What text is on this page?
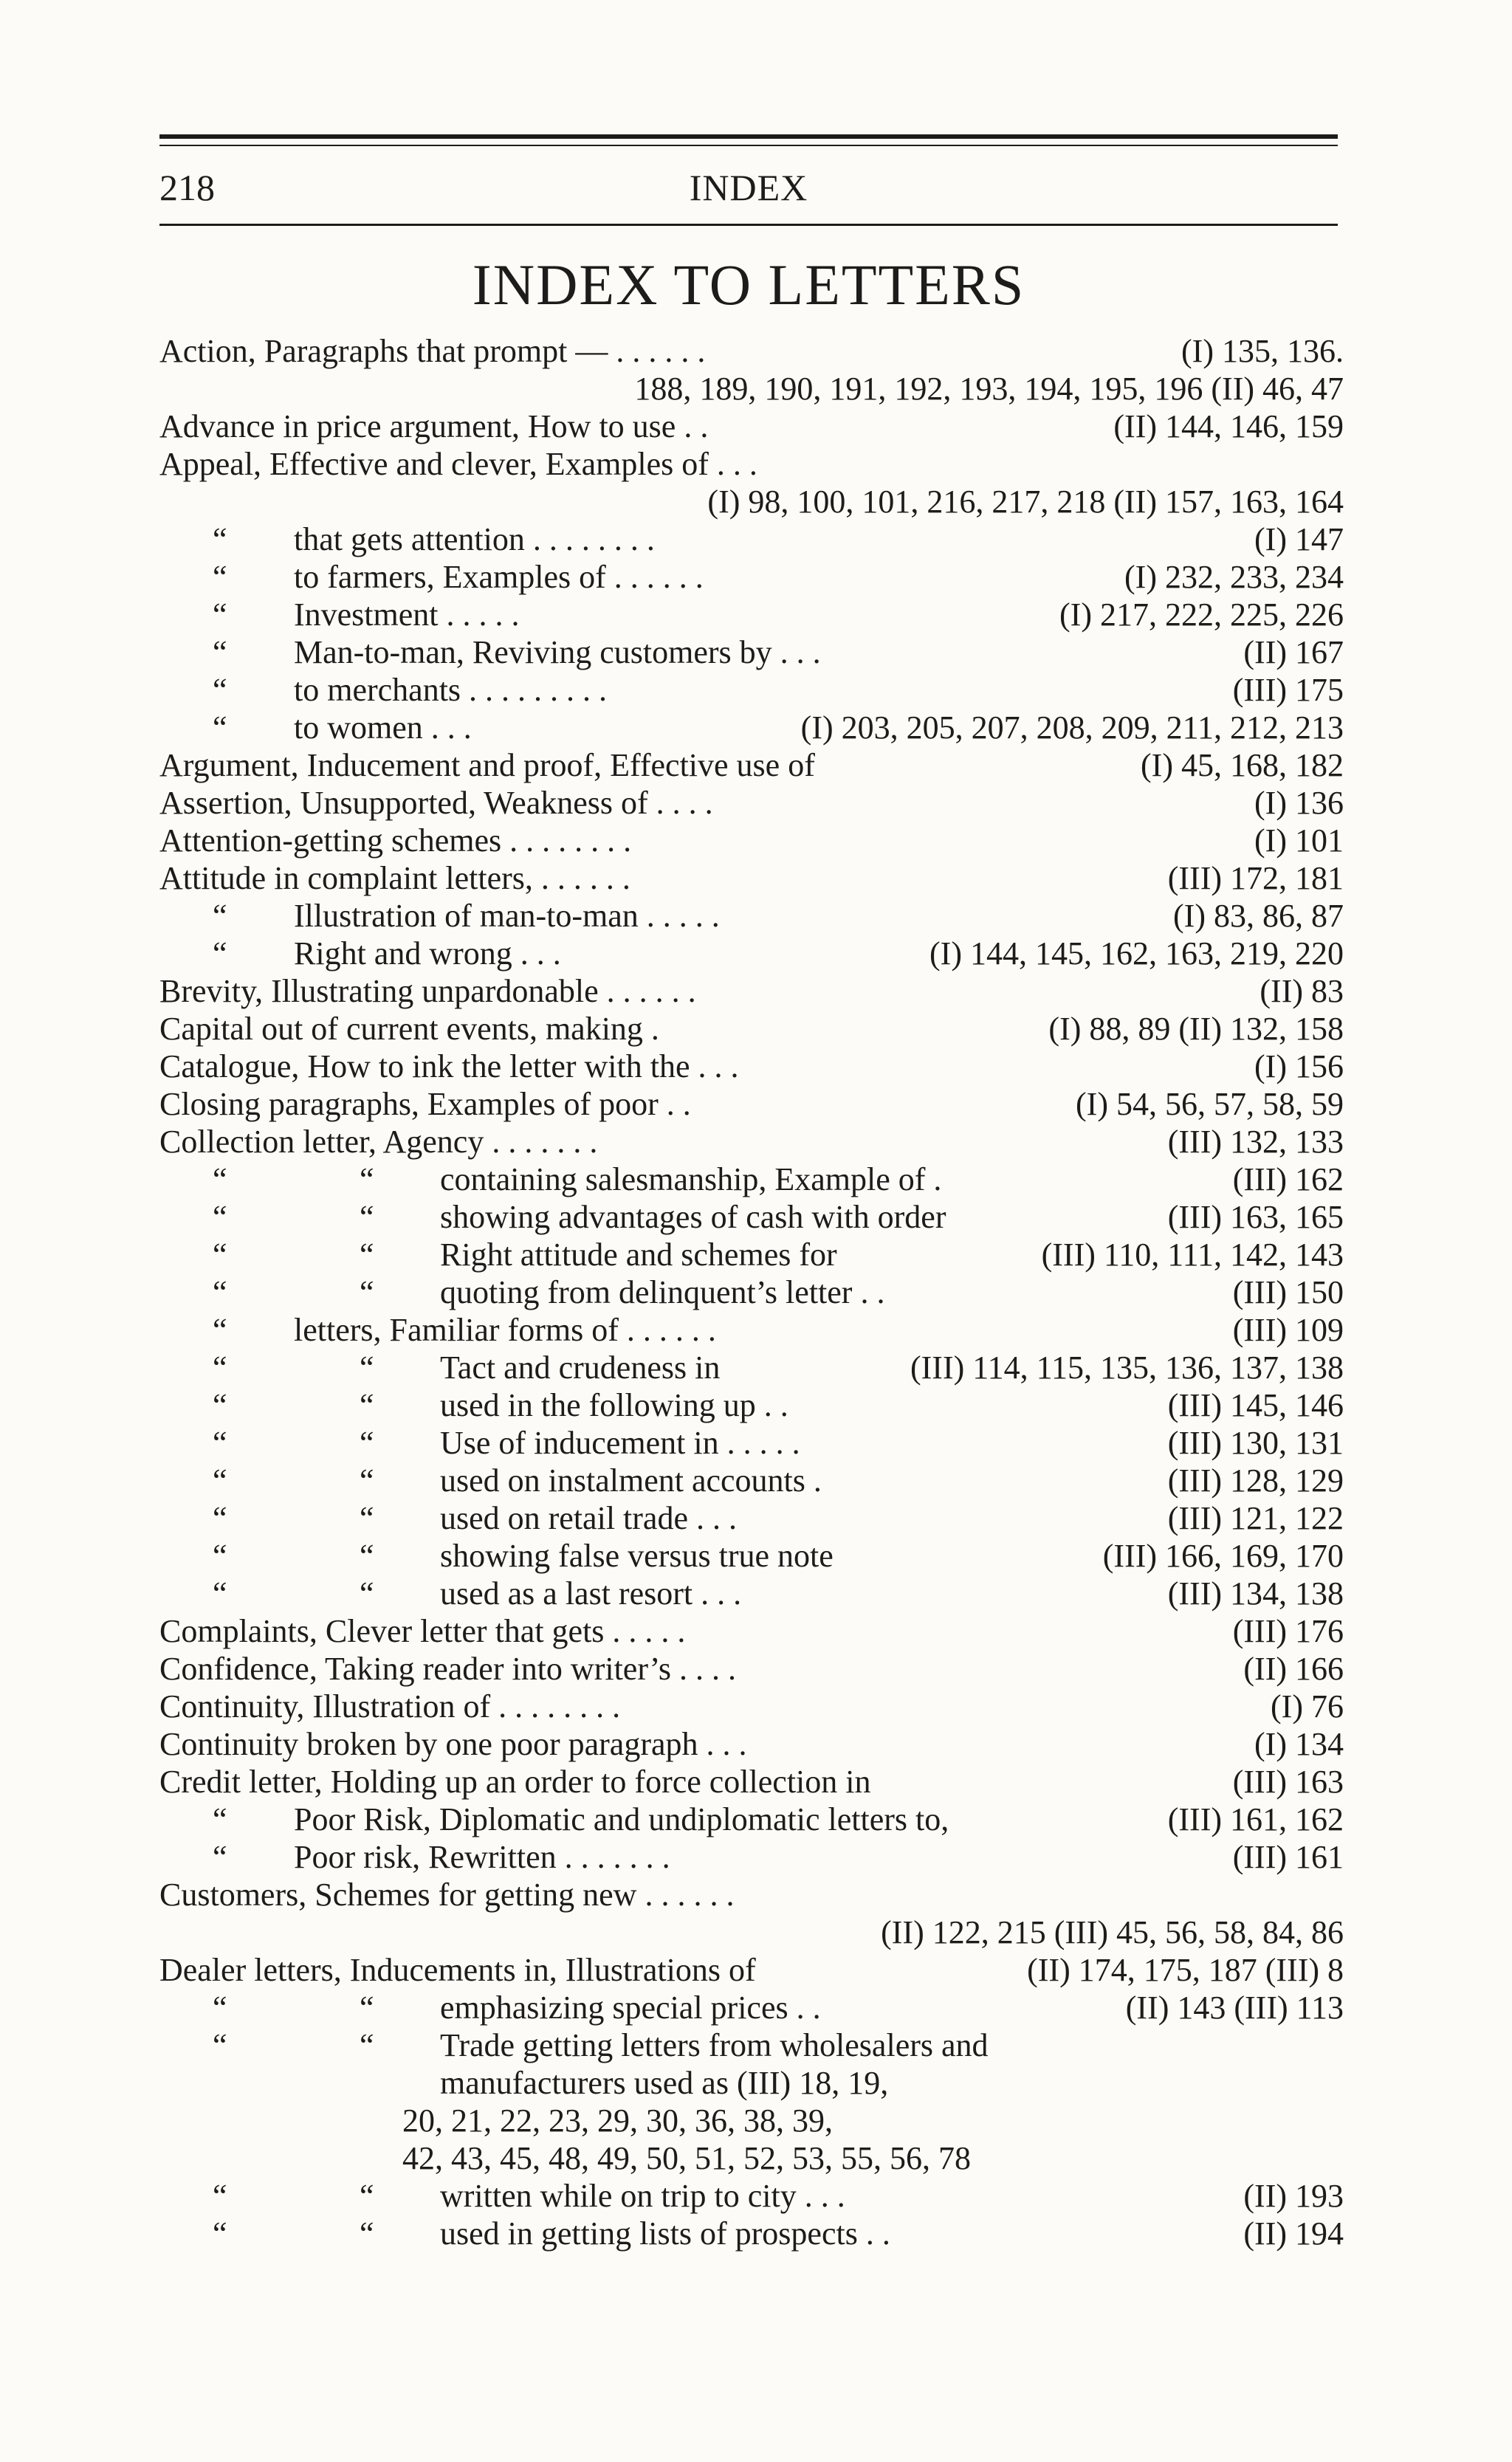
218	INDEX
INDEX TO LETTERS
Action, Paragraphs that prompt — . . . . . .	(I) 135, 136.
188, 189, 190, 191, 192, 193, 194, 195, 196 (II) 46, 47
Advance in price argument, How to use . .	(II) 144, 146, 159
Appeal, Effective and clever, Examples of . . .
(I) 98, 100, 101, 216, 217, 218 (II) 157, 163, 164
“ that gets attention . . . . . . . .	(I) 147
“ to farmers, Examples of . . . . . .	(I) 232, 233, 234
“ Investment . . . . .	(I) 217, 222, 225, 226
“ Man-to-man, Reviving customers by . . .	(II) 167
“ to merchants . . . . . . . . .	(III) 175
“ to women . . .	(I) 203, 205, 207, 208, 209, 211, 212, 213
Argument, Inducement and proof, Effective use of	(I) 45, 168, 182
Assertion, Unsupported, Weakness of . . . .	(I) 136
Attention-getting schemes . . . . . . . .	(I) 101
Attitude in complaint letters, . . . . . .	(III) 172, 181
“ Illustration of man-to-man . . . . .	(I) 83, 86, 87
“ Right and wrong . . .	(I) 144, 145, 162, 163, 219, 220
Brevity, Illustrating unpardonable . . . . . .	(II) 83
Capital out of current events, making .	(I) 88, 89 (II) 132, 158
Catalogue, How to ink the letter with the . . .	(I) 156
Closing paragraphs, Examples of poor . .	(I) 54, 56, 57, 58, 59
Collection letter, Agency . . . . . . .	(III) 132, 133
“	“ containing salesmanship, Example of .	(III) 162
“	“ showing advantages of cash with order	(III) 163, 165
“	“ Right attitude and schemes for	(III) 110, 111, 142, 143
“	“ quoting from delinquent’s letter . .	(III) 150
“ letters, Familiar forms of . . . . . .	(III) 109
“	“ Tact and crudeness in	(III) 114, 115, 135, 136, 137, 138
“	“ used in the following up . .	(III) 145, 146
“	“ Use of inducement in . . . . .	(III) 130, 131
“	“ used on instalment accounts .	(III) 128, 129
“	“ used on retail trade . . .	(III) 121, 122
“	“ showing false versus true note	(III) 166, 169, 170
“	“ used as a last resort . . .	(III) 134, 138
Complaints, Clever letter that gets . . . . .	(III) 176
Confidence, Taking reader into writer’s . . . .	(II) 166
Continuity, Illustration of . . . . . . . .	(I) 76
Continuity broken by one poor paragraph . . .	(I) 134
Credit letter, Holding up an order to force collection in	(III) 163
“ Poor Risk, Diplomatic and undiplomatic letters to,	(III) 161, 162
“ Poor risk, Rewritten . . . . . . .	(III) 161
Customers, Schemes for getting new . . . . . .
(II) 122, 215 (III) 45, 56, 58, 84, 86
Dealer letters, Inducements in, Illustrations of	(II) 174, 175, 187 (III) 8
“	“ emphasizing special prices . .	(II) 143 (III) 113
“	“ Trade getting letters from wholesalers and
manufacturers used as (III) 18, 19,
20, 21, 22, 23, 29, 30, 36, 38, 39,
42, 43, 45, 48, 49, 50, 51, 52, 53, 55, 56, 78
“	“ written while on trip to city . . .	(II) 193
“	“ used in getting lists of prospects . .	(II) 194
